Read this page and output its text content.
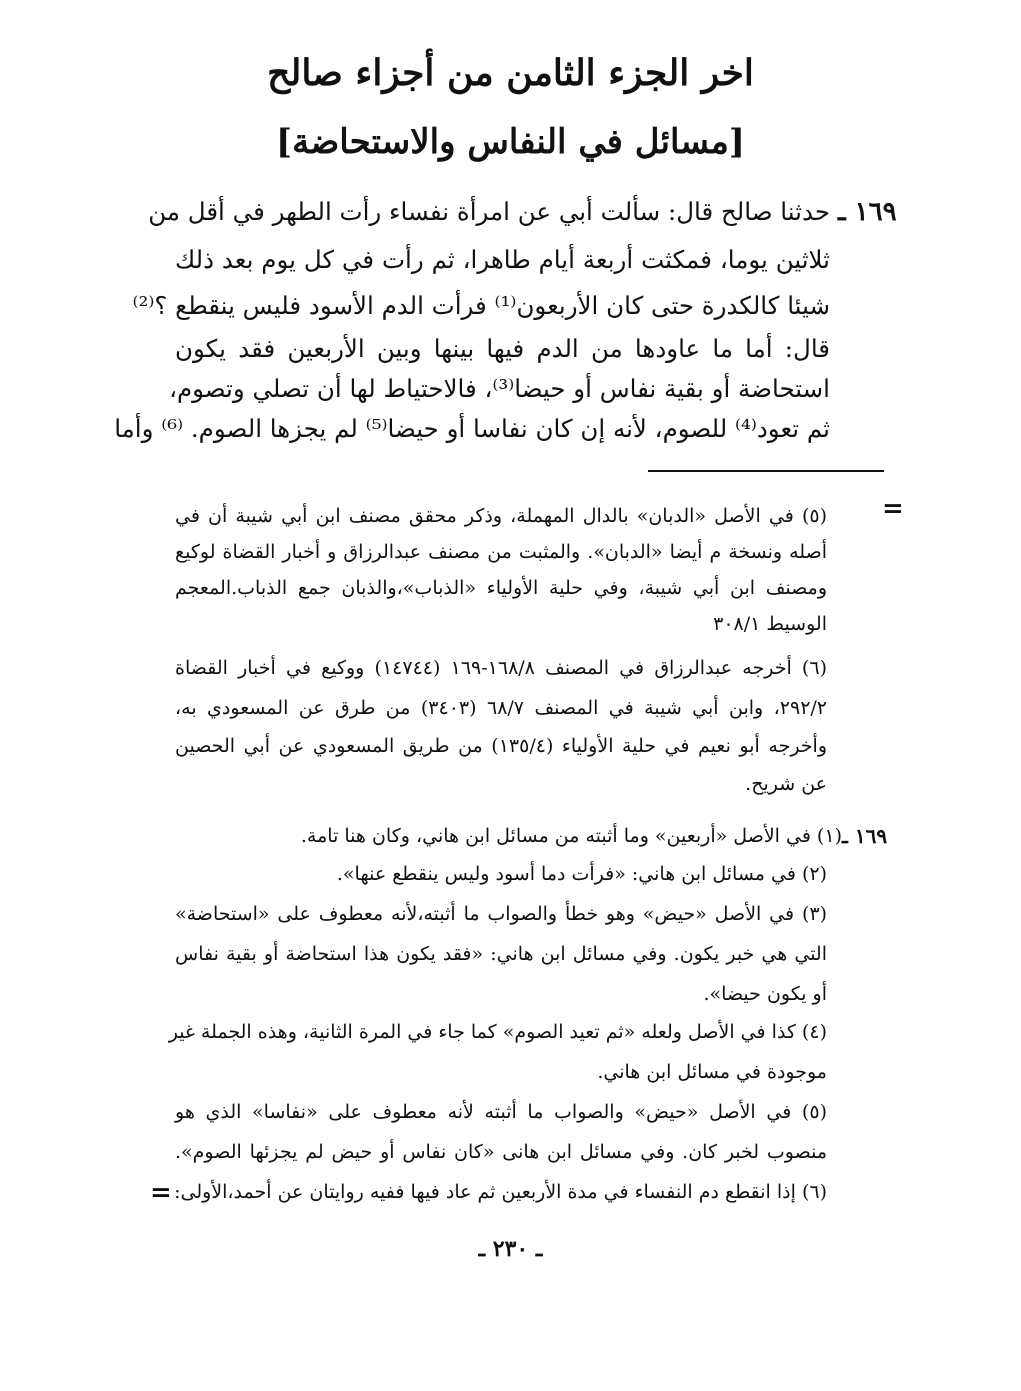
اخر الجزء الثامن من أجزاء صالح
[مسائل في النفاس والاستحاضة]
١٦٩ ـ
حدثنا صالح قال: سألت أبي عن امرأة نفساء رأت الطهر في أقل من
ثلاثين يوما، فمكثت أربعة أيام طاهرا، ثم رأت في كل يوم بعد ذلك
شيئا كالكدرة حتى كان الأربعون⁽¹⁾ فرأت الدم الأسود فليس ينقطع ؟⁽²⁾
قال: أما ما عاودها من الدم فيها بينها وبين الأربعين فقد يكون
استحاضة أو بقية نفاس أو حيضا⁽³⁾، فالاحتياط لها أن تصلي وتصوم،
ثم تعود⁽⁴⁾ للصوم، لأنه إن كان نفاسا أو حيضا⁽⁵⁾ لم يجزها الصوم. ⁽⁶⁾ وأما
=
(٥) في الأصل «الدبان» بالدال المهملة، وذكر محقق مصنف ابن أبي شيبة أن في
أصله ونسخة م أيضا «الدبان». والمثبت من مصنف عبدالرزاق و أخبار القضاة لوكيع
ومصنف ابن أبي شيبة، وفي حلية الأولياء «الذباب»،والذبان جمع الذباب.المعجم
الوسيط ٣٠٨/١
(٦) أخرجه عبدالرزاق في المصنف ١٦٨/٨-١٦٩ (١٤٧٤٤) ووكيع في أخبار القضاة
٢٩٢/٢، وابن أبي شيبة في المصنف ٦٨/٧ (٣٤٠٣) من طرق عن المسعودي به،
وأخرجه أبو نعيم في حلية الأولياء (١٣٥/٤) من طريق المسعودي عن أبي الحصين
عن شريح.
١٦٩ ـ
(١) في الأصل «أربعين» وما أثبته من مسائل ابن هاني، وكان هنا تامة.
(٢) في مسائل ابن هاني: «فرأت دما أسود وليس ينقطع عنها».
(٣) في الأصل «حيض» وهو خطأ والصواب ما أثبته،لأنه معطوف على «استحاضة»
التي هي خبر يكون. وفي مسائل ابن هاني: «فقد يكون هذا استحاضة أو بقية نفاس
أو يكون حيضا».
(٤) كذا في الأصل ولعله «ثم تعيد الصوم» كما جاء في المرة الثانية، وهذه الجملة غير
موجودة في مسائل ابن هاني.
(٥) في الأصل «حيض» والصواب ما أثبته لأنه معطوف على «نفاسا» الذي هو
منصوب لخبر كان. وفي مسائل ابن هانى «كان نفاس أو حيض لم يجزئها الصوم».
(٦) إذا انقطع دم النفساء في مدة الأربعين ثم عاد فيها ففيه روايتان عن أحمد،الأولى:
=
ـ ٢٣٠ ـ
